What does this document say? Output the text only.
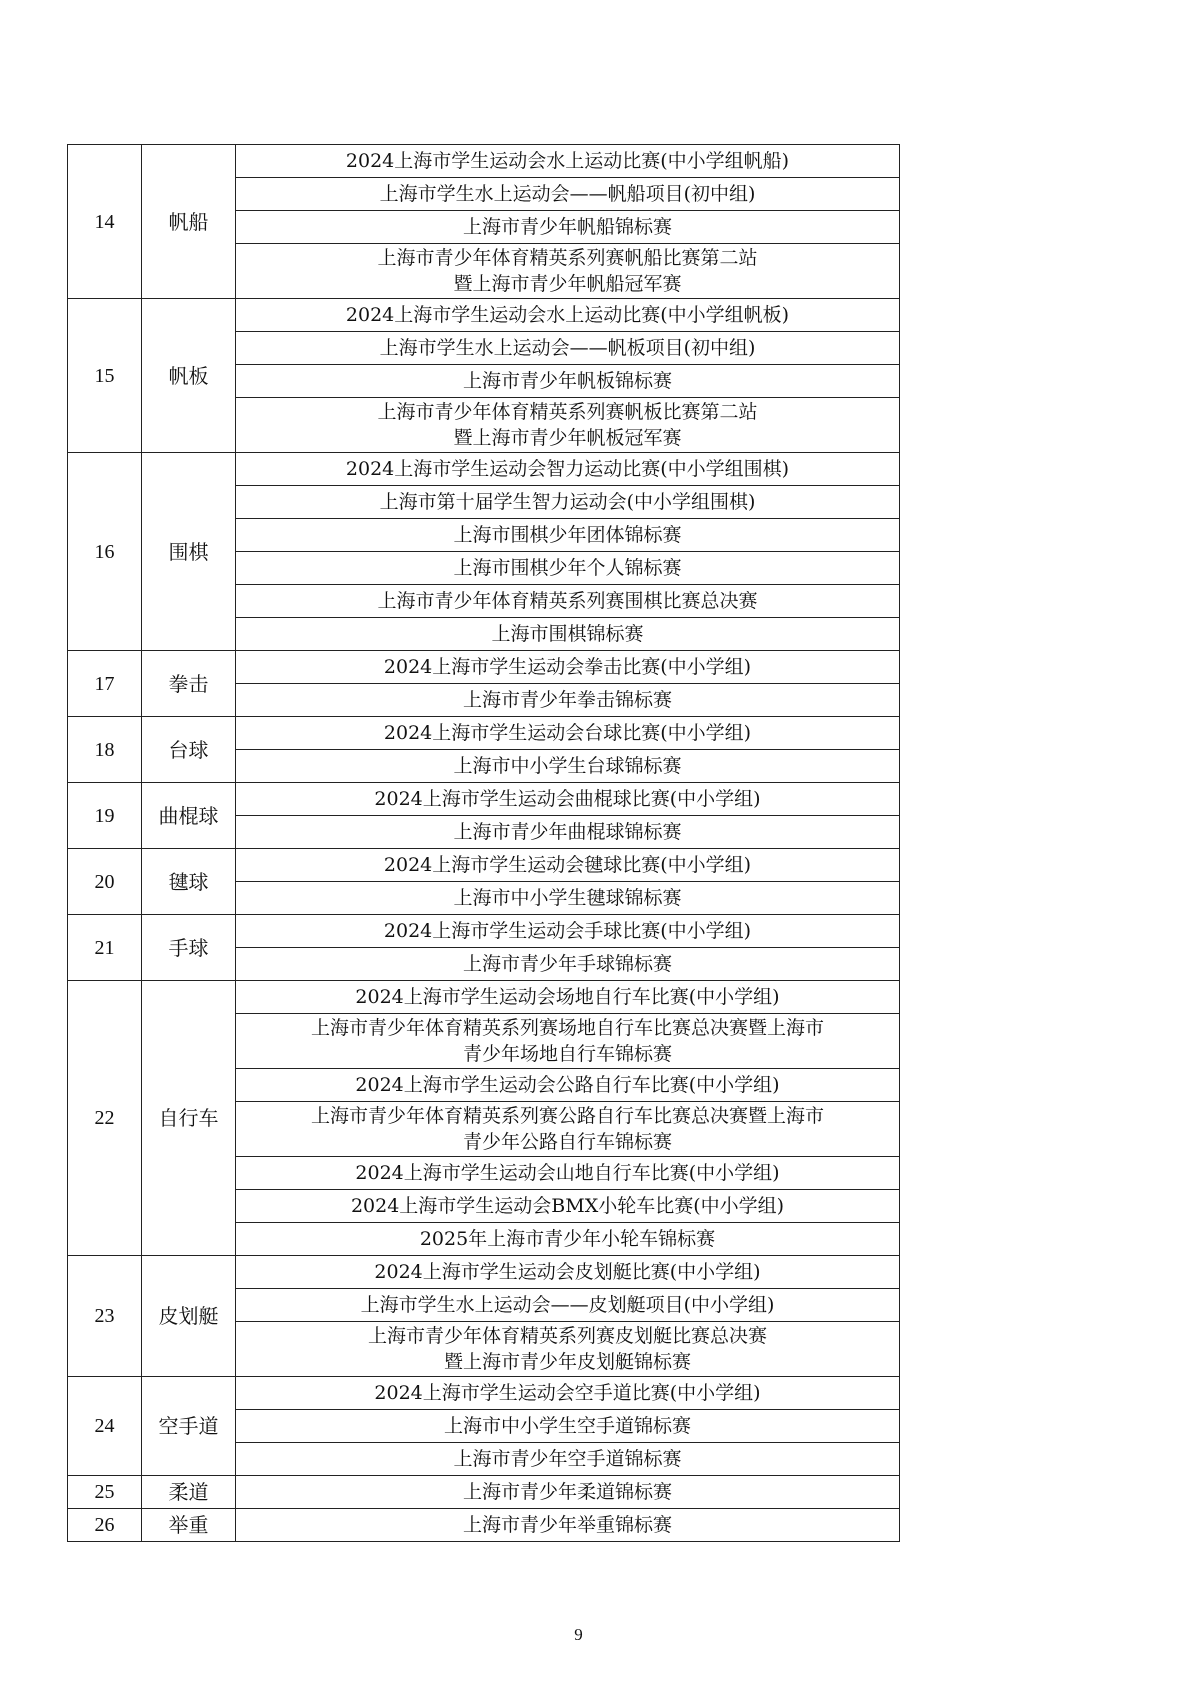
14	帆船	2024上海市学生运动会水上运动比赛(中小学组帆船)
		上海市学生水上运动会——帆船项目(初中组)
		上海市青少年帆船锦标赛
		上海市青少年体育精英系列赛帆船比赛第二站
暨上海市青少年帆船冠军赛
15	帆板	2024上海市学生运动会水上运动比赛(中小学组帆板)
		上海市学生水上运动会——帆板项目(初中组)
		上海市青少年帆板锦标赛
		上海市青少年体育精英系列赛帆板比赛第二站
暨上海市青少年帆板冠军赛
16	围棋	2024上海市学生运动会智力运动比赛(中小学组围棋)
		上海市第十届学生智力运动会(中小学组围棋)
		上海市围棋少年团体锦标赛
		上海市围棋少年个人锦标赛
		上海市青少年体育精英系列赛围棋比赛总决赛
		上海市围棋锦标赛
17	拳击	2024上海市学生运动会拳击比赛(中小学组)
		上海市青少年拳击锦标赛
18	台球	2024上海市学生运动会台球比赛(中小学组)
		上海市中小学生台球锦标赛
19	曲棍球	2024上海市学生运动会曲棍球比赛(中小学组)
		上海市青少年曲棍球锦标赛
20	毽球	2024上海市学生运动会毽球比赛(中小学组)
		上海市中小学生毽球锦标赛
21	手球	2024上海市学生运动会手球比赛(中小学组)
		上海市青少年手球锦标赛
22	自行车	2024上海市学生运动会场地自行车比赛(中小学组)
		上海市青少年体育精英系列赛场地自行车比赛总决赛暨上海市
青少年场地自行车锦标赛
		2024上海市学生运动会公路自行车比赛(中小学组)
		上海市青少年体育精英系列赛公路自行车比赛总决赛暨上海市
青少年公路自行车锦标赛
		2024上海市学生运动会山地自行车比赛(中小学组)
		2024上海市学生运动会BMX小轮车比赛(中小学组)
		2025年上海市青少年小轮车锦标赛
23	皮划艇	2024上海市学生运动会皮划艇比赛(中小学组)
		上海市学生水上运动会——皮划艇项目(中小学组)
		上海市青少年体育精英系列赛皮划艇比赛总决赛
暨上海市青少年皮划艇锦标赛
24	空手道	2024上海市学生运动会空手道比赛(中小学组)
		上海市中小学生空手道锦标赛
		上海市青少年空手道锦标赛
25	柔道	上海市青少年柔道锦标赛
26	举重	上海市青少年举重锦标赛
9
